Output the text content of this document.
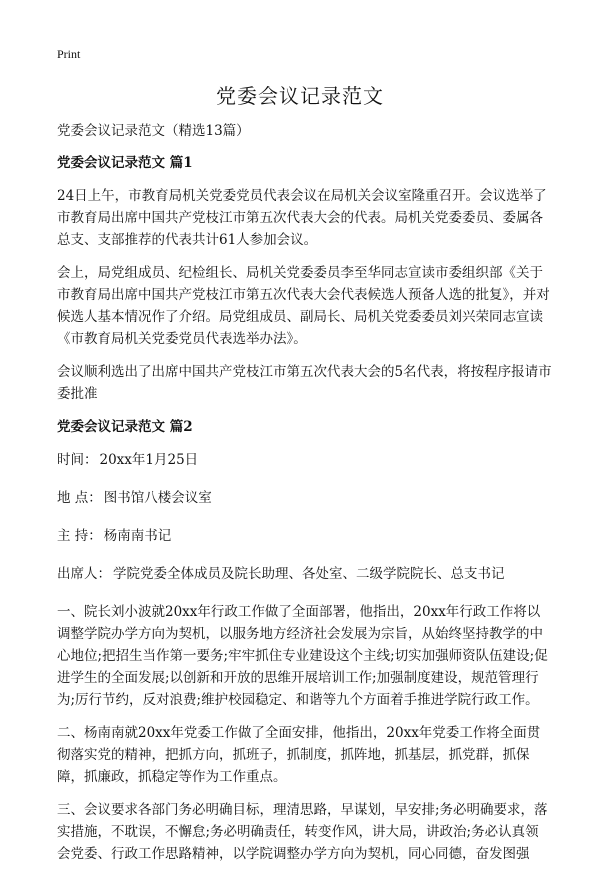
Print
党委会议记录范文
党委会议记录范文（精选13篇）
党委会议记录范文 篇1

24日上午，市教育局机关党委党员代表会议在局机关会议室隆重召开。会议选举了市教育局出席中国共产党枝江市第五次代表大会的代表。局机关党委委员、委属各总支、支部推荐的代表共计61人参加会议。

会上，局党组成员、纪检组长、局机关党委委员李至华同志宣读市委组织部《关于市教育局出席中国共产党枝江市第五次代表大会代表候选人预备人选的批复》，并对候选人基本情况作了介绍。局党组成员、副局长、局机关党委委员刘兴荣同志宣读《市教育局机关党委党员代表选举办法》。

会议顺利选出了出席中国共产党枝江市第五次代表大会的5名代表，将按程序报请市委批准

党委会议记录范文 篇2
时间： 20xx年1月25日
地 点： 图书馆八楼会议室
主 持： 杨南南书记
出席人： 学院党委全体成员及院长助理、各处室、二级学院院长、总支书记

一、院长刘小波就20xx年行政工作做了全面部署，他指出，20xx年行政工作将以调整学院办学方向为契机，以服务地方经济社会发展为宗旨，从始终坚持教学的中心地位;把招生当作第一要务;牢牢抓住专业建设这个主线;切实加强师资队伍建设;促进学生的全面发展;以创新和开放的思维开展培训工作;加强制度建设，规范管理行为;厉行节约，反对浪费;维护校园稳定、和谐等九个方面着手推进学院行政工作。

二、杨南南就20xx年党委工作做了全面安排，他指出，20xx年党委工作将全面贯彻落实党的精神，把抓方向，抓班子，抓制度，抓阵地，抓基层，抓党群，抓保障，抓廉政，抓稳定等作为工作重点。

三、会议要求各部门务必明确目标，理清思路，早谋划，早安排;务必明确要求，落实措施，不耽误，不懈怠;务必明确责任，转变作风，讲大局，讲政治;务必认真领会党委、行政工作思路精神，以学院调整办学方向为契机，同心同德，奋发图强
